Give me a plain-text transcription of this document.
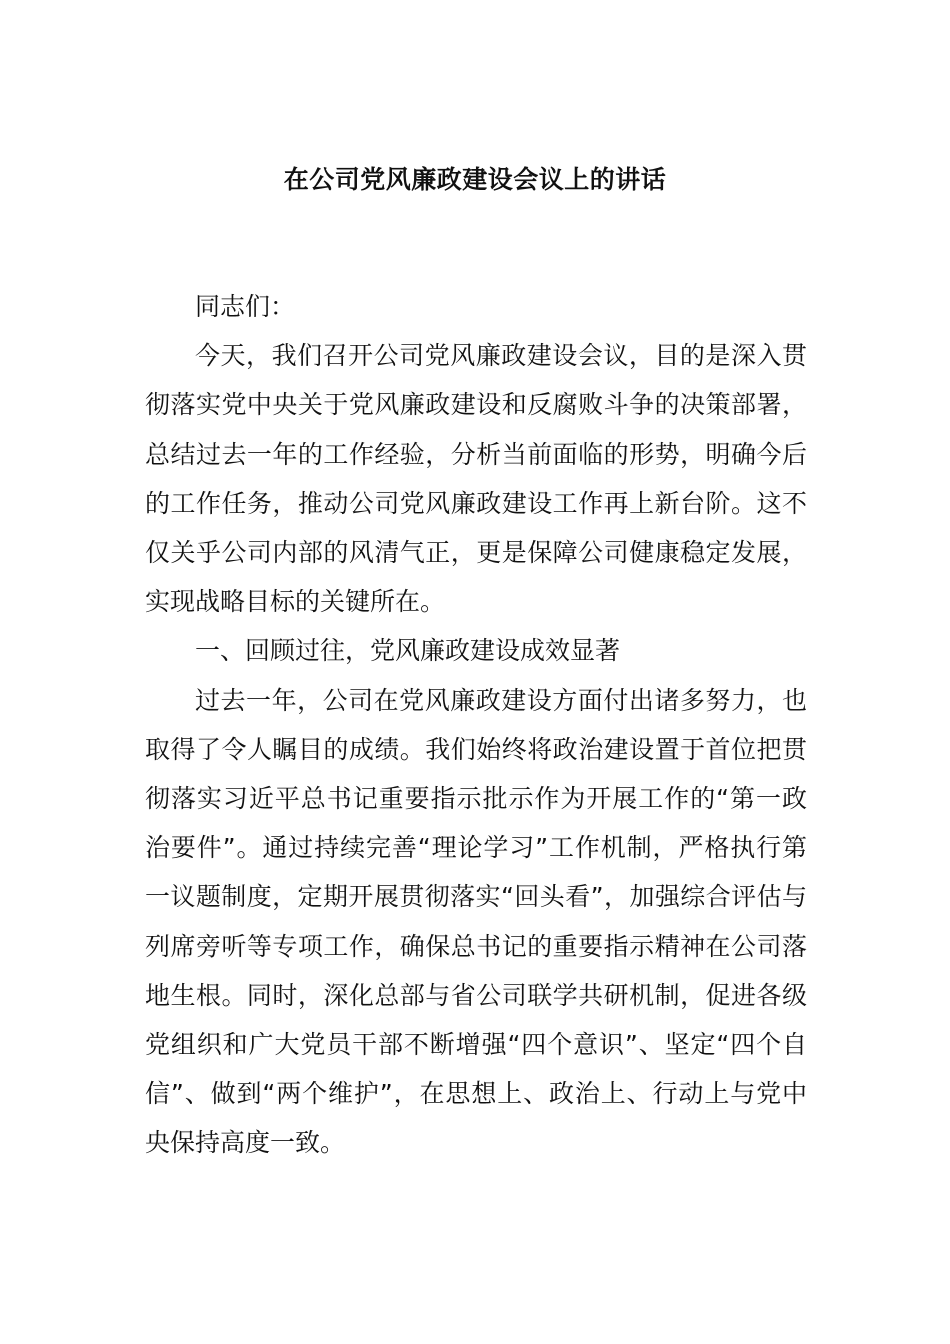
在公司党风廉政建设会议上的讲话

同志们：

今天，我们召开公司党风廉政建设会议，目的是深入贯彻落实党中央关于党风廉政建设和反腐败斗争的决策部署，总结过去一年的工作经验，分析当前面临的形势，明确今后的工作任务，推动公司党风廉政建设工作再上新台阶。这不仅关乎公司内部的风清气正，更是保障公司健康稳定发展，实现战略目标的关键所在。

一、回顾过往，党风廉政建设成效显著

过去一年，公司在党风廉政建设方面付出诸多努力，也取得了令人瞩目的成绩。我们始终将政治建设置于首位把贯彻落实习近平总书记重要指示批示作为开展工作的“第一政治要件”。通过持续完善“理论学习”工作机制，严格执行第一议题制度，定期开展贯彻落实“回头看”，加强综合评估与列席旁听等专项工作，确保总书记的重要指示精神在公司落地生根。同时，深化总部与省公司联学共研机制，促进各级党组织和广大党员干部不断增强“四个意识”、坚定“四个自信”、做到“两个维护”，在思想上、政治上、行动上与党中央保持高度一致。
